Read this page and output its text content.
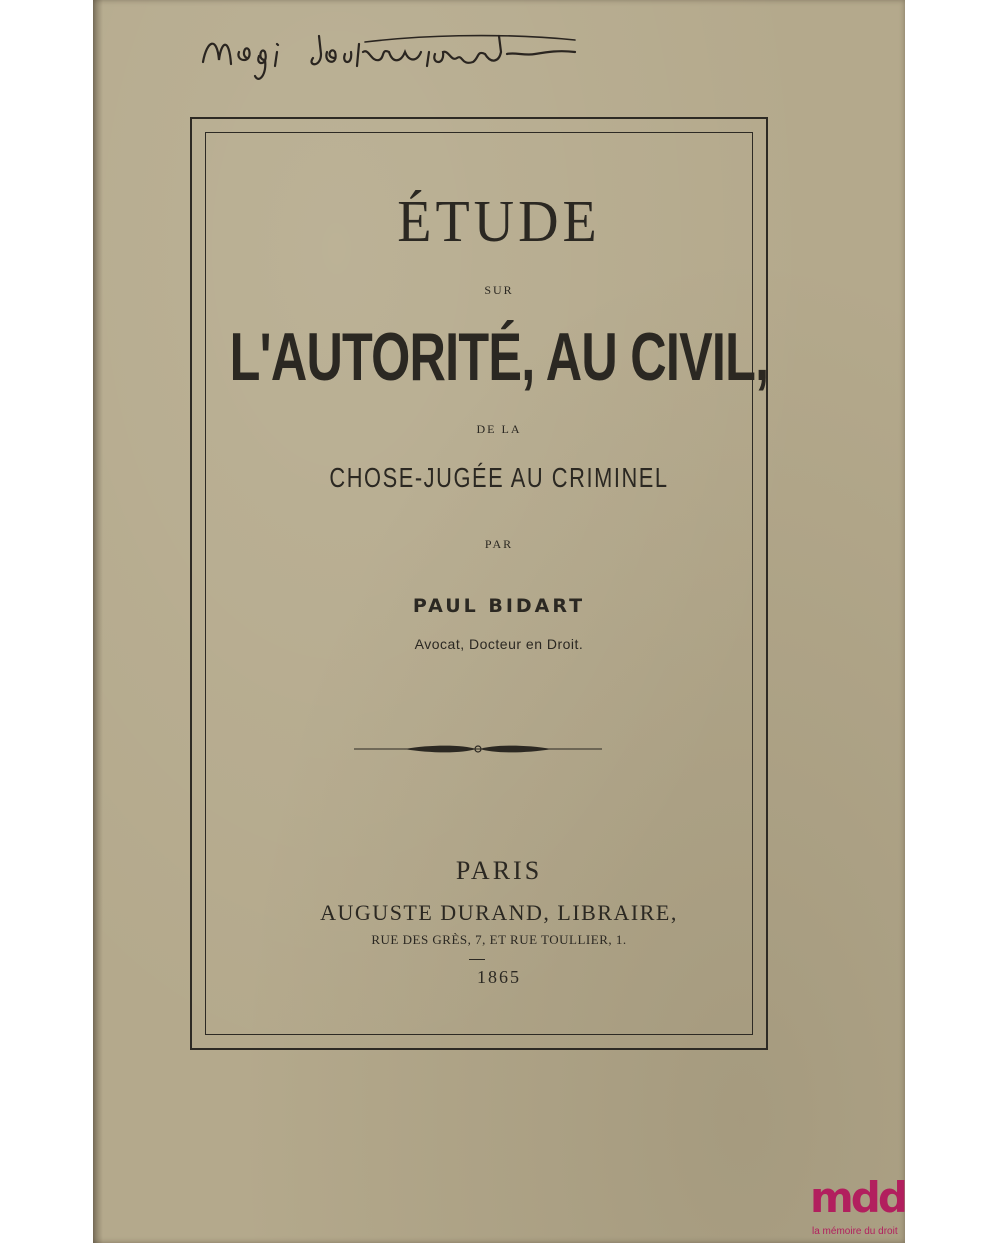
ÉTUDE
SUR
L'AUTORITÉ, AU CIVIL,
DE LA
CHOSE-JUGÉE AU CRIMINEL
PAR
PAUL BIDART
Avocat, Docteur en Droit.
PARIS
AUGUSTE DURAND, LIBRAIRE,
RUE DES GRÈS, 7, ET RUE TOULLIER, 1.
1865
mdd
la mémoire du droit
